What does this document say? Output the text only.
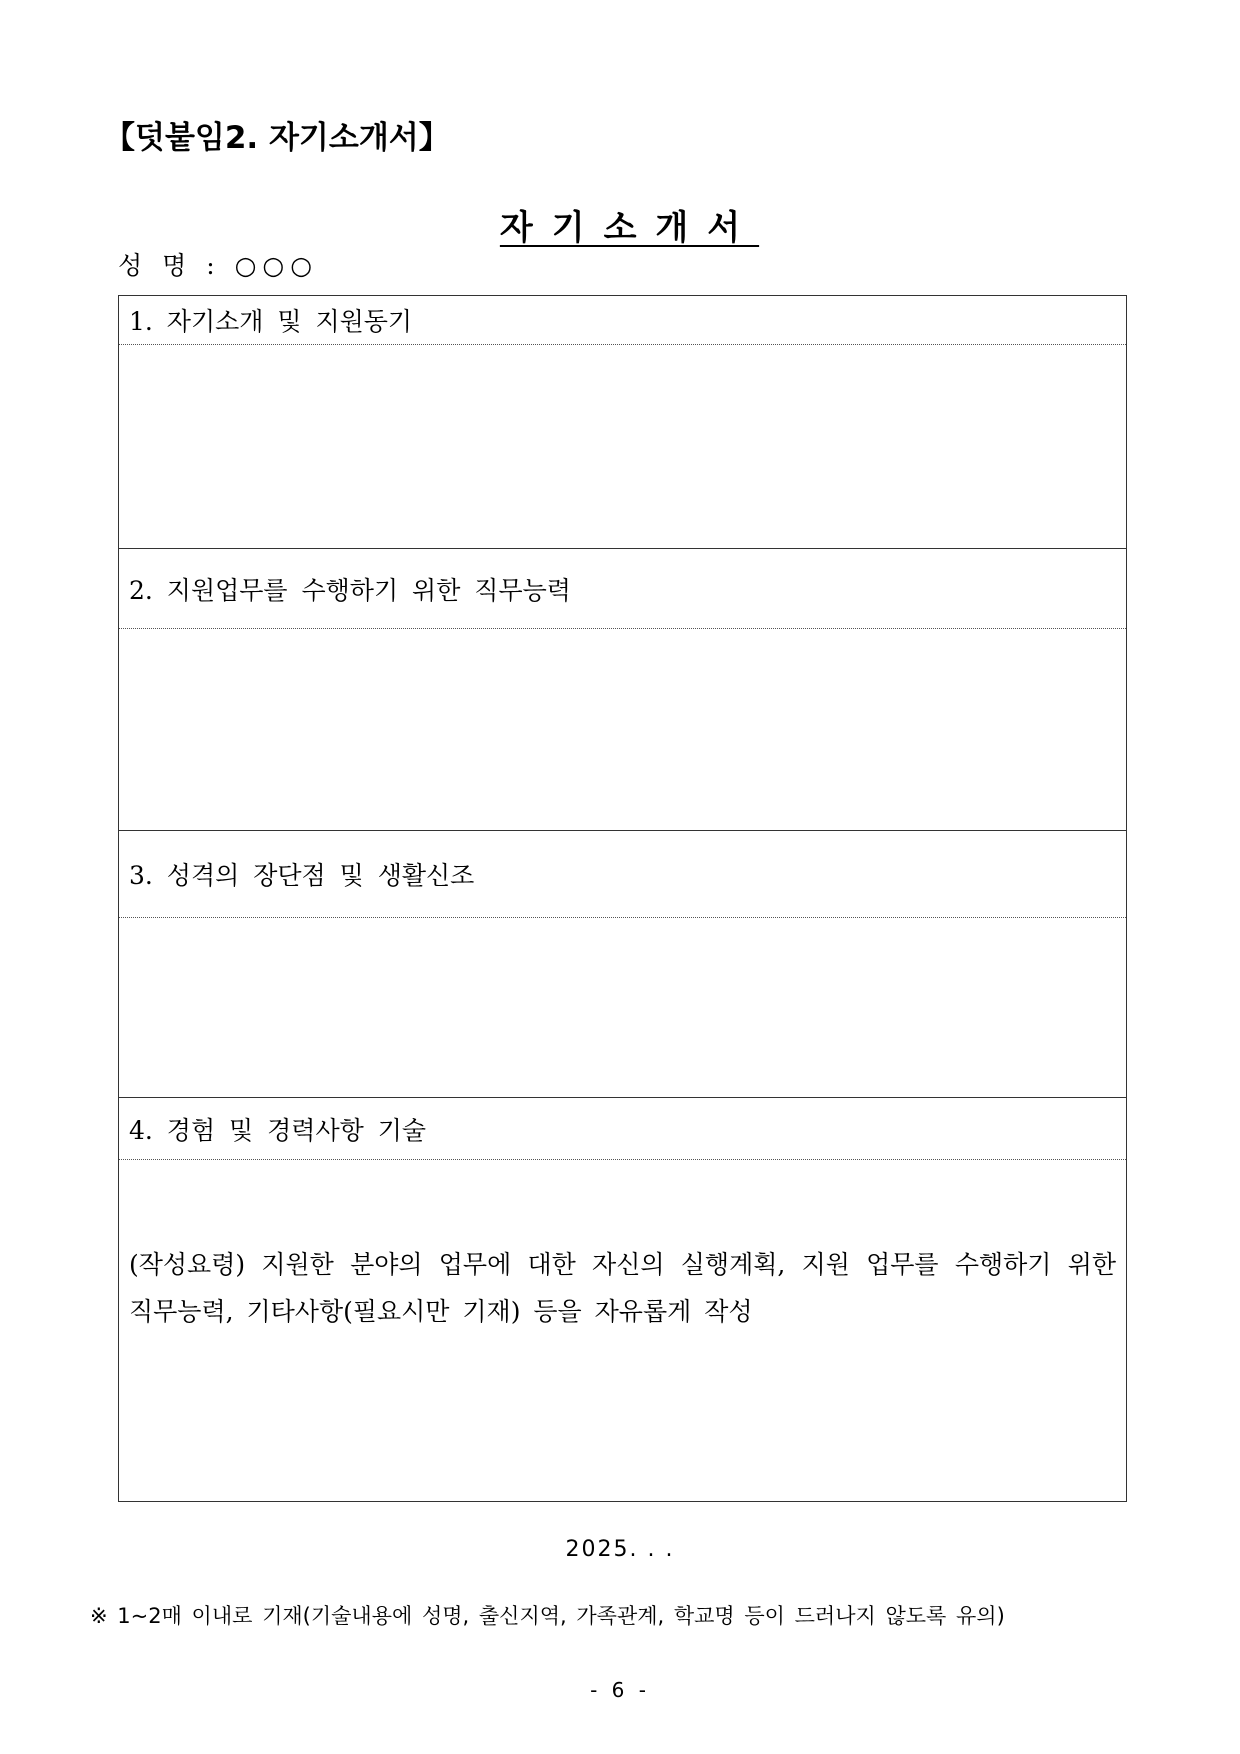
【덧붙임2. 자기소개서】
자기소개서
성 명 : ○○○
1. 자기소개 및 지원동기
2. 지원업무를 수행하기 위한 직무능력
3. 성격의 장단점 및 생활신조
4. 경험 및 경력사항 기술
(작성요령) 지원한 분야의 업무에 대한 자신의 실행계획, 지원 업무를 수행하기 위한 직무능력, 기타사항(필요시만 기재) 등을 자유롭게 작성
2025. . .
※ 1~2매 이내로 기재(기술내용에 성명, 출신지역, 가족관계, 학교명 등이 드러나지 않도록 유의)
- 6 -
